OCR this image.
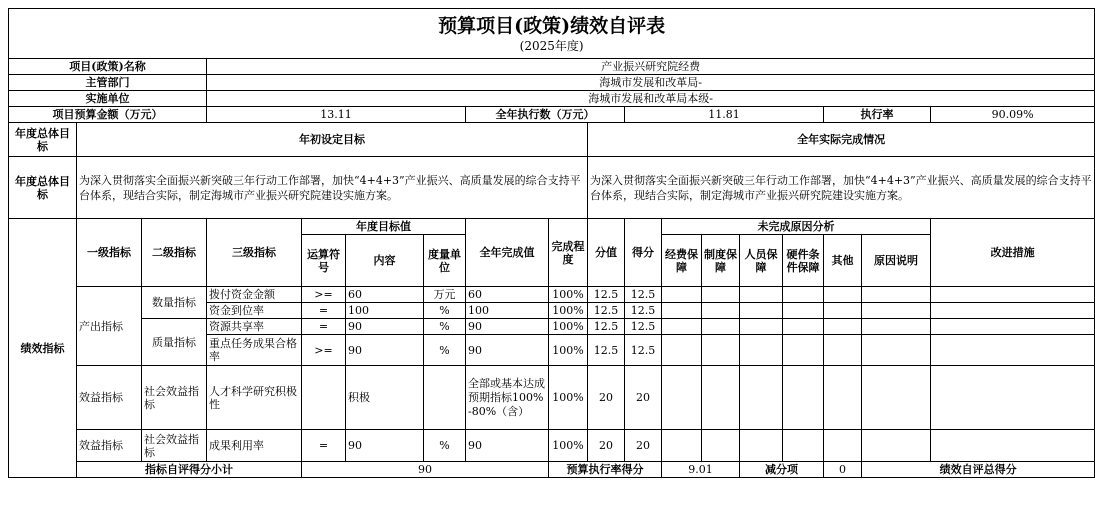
预算项目(政策)绩效自评表
(2025年度)																		

项目(政策)名称			产业振兴研究院经费															
主管部门			海城市发展和改革局-															
实施单位			海城市发展和改革局本级-															
项目预算金额（万元）			13.11				全年执行数（万元）			11.81					执行率		90.09%	
年度总体目标	年初设定目标								全年实际完成情况									
年度总体目标	为深入贯彻落实全面振兴新突破三年行动工作部署，加快“4+4+3”产业振兴、高质量发展的综合支持平台体系，现结合实际，制定海城市产业振兴研究院建设实施方案。								为深入贯彻落实全面振兴新突破三年行动工作部署，加快“4+4+3”产业振兴、高质量发展的综合支持平台体系，现结合实际，制定海城市产业振兴研究院建设实施方案。									
绩效指标	一级指标	二级指标	三级指标	年度目标值			全年完成值	完成程度	分值	得分	未完成原因分析						改进措施	
				运算符号	内容	度量单位					经费保障	制度保障	人员保障	硬件条件保障	其他	原因说明		
	产出指标	数量指标	拨付资金金额	>=	60	万元	60	100%	12.5	12.5								
			资金到位率	=	100	%	100	100%	12.5	12.5								
		质量指标	资源共享率	=	90	%	90	100%	12.5	12.5								
			重点任务成果合格率	>=	90	%	90	100%	12.5	12.5								
	效益指标	社会效益指标	人才科学研究积极性		积极		全部或基本达成预期指标100%-80%（含）	100%	20	20								
	效益指标	社会效益指标	成果利用率	=	90	%	90	100%	20	20								
	指标自评得分小计			90				预算执行率得分			9.01		减分项		0	绩效自评总得分	
